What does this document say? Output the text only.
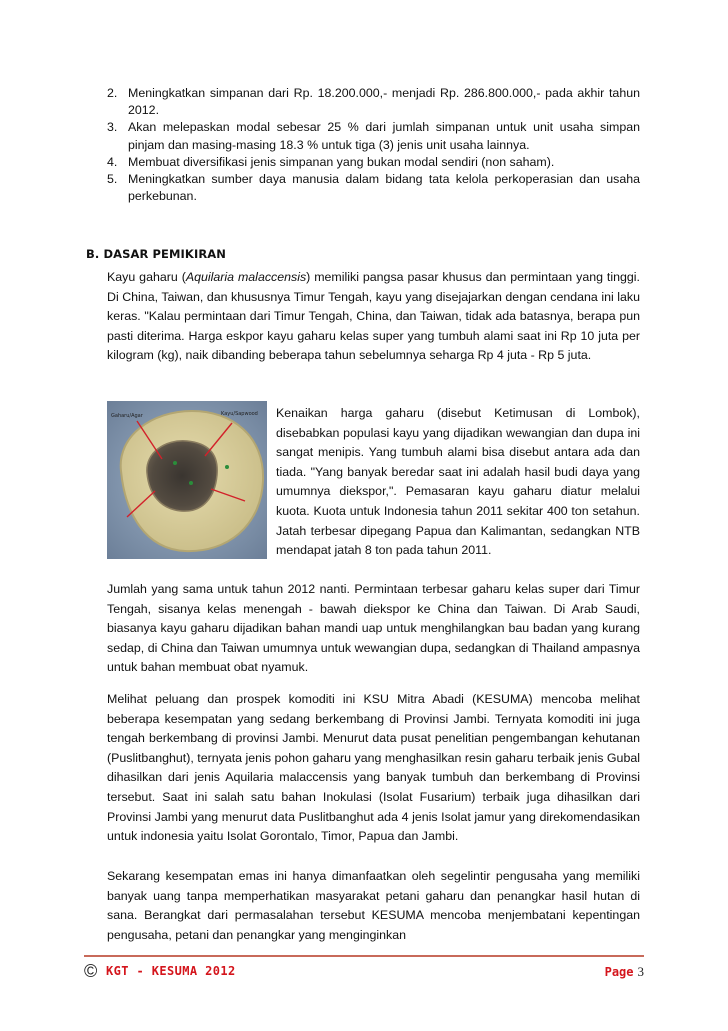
2. Meningkatkan simpanan dari Rp. 18.200.000,- menjadi Rp. 286.800.000,- pada akhir tahun 2012.
3. Akan melepaskan modal sebesar 25 % dari jumlah simpanan untuk unit usaha simpan pinjam dan masing-masing 18.3 % untuk tiga (3) jenis unit usaha lainnya.
4. Membuat diversifikasi jenis simpanan yang bukan modal sendiri (non saham).
5. Meningkatkan sumber daya manusia dalam bidang tata kelola perkoperasian dan usaha perkebunan.
B. DASAR PEMIKIRAN
Kayu gaharu (Aquilaria malaccensis) memiliki pangsa pasar khusus dan permintaan yang tinggi. Di China, Taiwan, dan khususnya Timur Tengah, kayu yang disejajarkan dengan cendana ini laku keras. "Kalau permintaan dari Timur Tengah, China, dan Taiwan, tidak ada batasnya, berapa pun pasti diterima. Harga eskpor kayu gaharu kelas super yang tumbuh alami saat ini Rp 10 juta per kilogram (kg), naik dibanding beberapa tahun sebelumnya seharga Rp 4 juta - Rp 5 juta.
Gaharu/Agar	Kayu/Sapwood Kenaikan harga gaharu (disebut Ketimusan di Lombok), disebabkan populasi kayu yang dijadikan wewangian dan dupa ini sangat menipis. Yang tumbuh alami bisa disebut antara ada dan tiada. "Yang banyak beredar saat ini adalah hasil budi daya yang umumnya diekspor,". Pemasaran kayu gaharu diatur melalui kuota. Kuota untuk Indonesia tahun 2011 sekitar 400 ton setahun. Jatah terbesar dipegang Papua dan Kalimantan, sedangkan NTB mendapat jatah 8 ton pada tahun 2011.
Jumlah yang sama untuk tahun 2012 nanti. Permintaan terbesar gaharu kelas super dari Timur Tengah, sisanya kelas menengah - bawah diekspor ke China dan Taiwan. Di Arab Saudi, biasanya kayu gaharu dijadikan bahan mandi uap untuk menghilangkan bau badan yang kurang sedap, di China dan Taiwan umumnya untuk wewangian dupa, sedangkan di Thailand ampasnya untuk bahan membuat obat nyamuk.
Melihat peluang dan prospek komoditi ini KSU Mitra Abadi (KESUMA) mencoba melihat beberapa kesempatan yang sedang berkembang di Provinsi Jambi. Ternyata komoditi ini juga tengah berkembang di provinsi Jambi. Menurut data pusat penelitian pengembangan kehutanan (Puslitbanghut), ternyata jenis pohon gaharu yang menghasilkan resin gaharu terbaik jenis Gubal dihasilkan dari jenis Aquilaria malaccensis yang banyak tumbuh dan berkembang di Provinsi tersebut. Saat ini salah satu bahan Inokulasi (Isolat Fusarium) terbaik juga dihasilkan dari Provinsi Jambi yang menurut data Puslitbanghut ada 4 jenis Isolat jamur yang direkomendasikan untuk indonesia yaitu Isolat Gorontalo, Timor, Papua dan Jambi.
Sekarang kesempatan emas ini hanya dimanfaatkan oleh segelintir pengusaha yang memiliki banyak uang tanpa memperhatikan masyarakat petani gaharu dan penangkar hasil hutan di sana. Berangkat dari permasalahan tersebut KESUMA mencoba menjembatani kepentingan pengusaha, petani dan penangkar yang menginginkan
© KGT - KESUMA 2012	Page 3
